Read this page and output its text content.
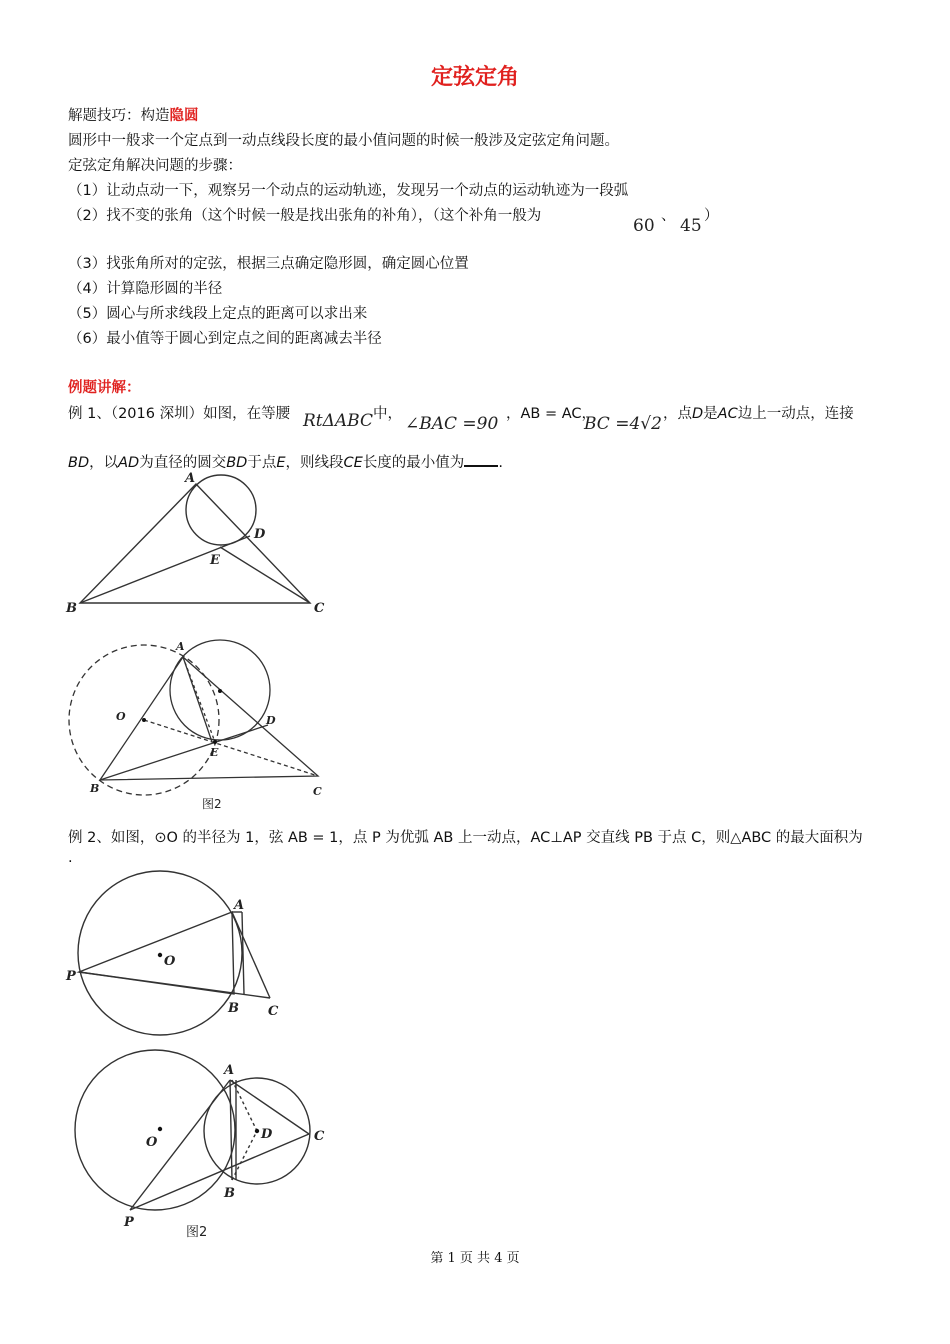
定弦定角
解题技巧：构造隐圆
圆形中一般求一个定点到一动点线段长度的最小值问题的时候一般涉及定弦定角问题。
定弦定角解决问题的步骤：
（1）让动点动一下，观察另一个动点的运动轨迹，发现另一个动点的运动轨迹为一段弧
（2）找不变的张角（这个时候一般是找出张角的补角），（这个补角一般为	60 、 45 ）
（3）找张角所对的定弦，根据三点确定隐形圆，确定圆心位置
（4）计算隐形圆的半径
（5）圆心与所求线段上定点的距离可以求出来
（6）最小值等于圆心到定点之间的距离减去半径
例题讲解：
例 1、（2016 深圳）如图，在等腰 RtΔABC 中， ∠BAC =90 ，AB = AC，
BC =4√2 ，点D是AC边上一动点，连接
BD，以AD为直径的圆交BD于点E，则线段CE长度的最小值为 .
A
B	C
D
E
A
B	C
D
E
O
图2
例 2、如图，⊙O 的半径为 1，弦 AB = 1，点 P 为优弧 AB 上一动点，AC⊥AP 交直线 PB 于点 C，则△ABC 的最大面积为
.
A
B C
P
O
A
B
C
P
O
D
图2
第 1 页 共 4 页
